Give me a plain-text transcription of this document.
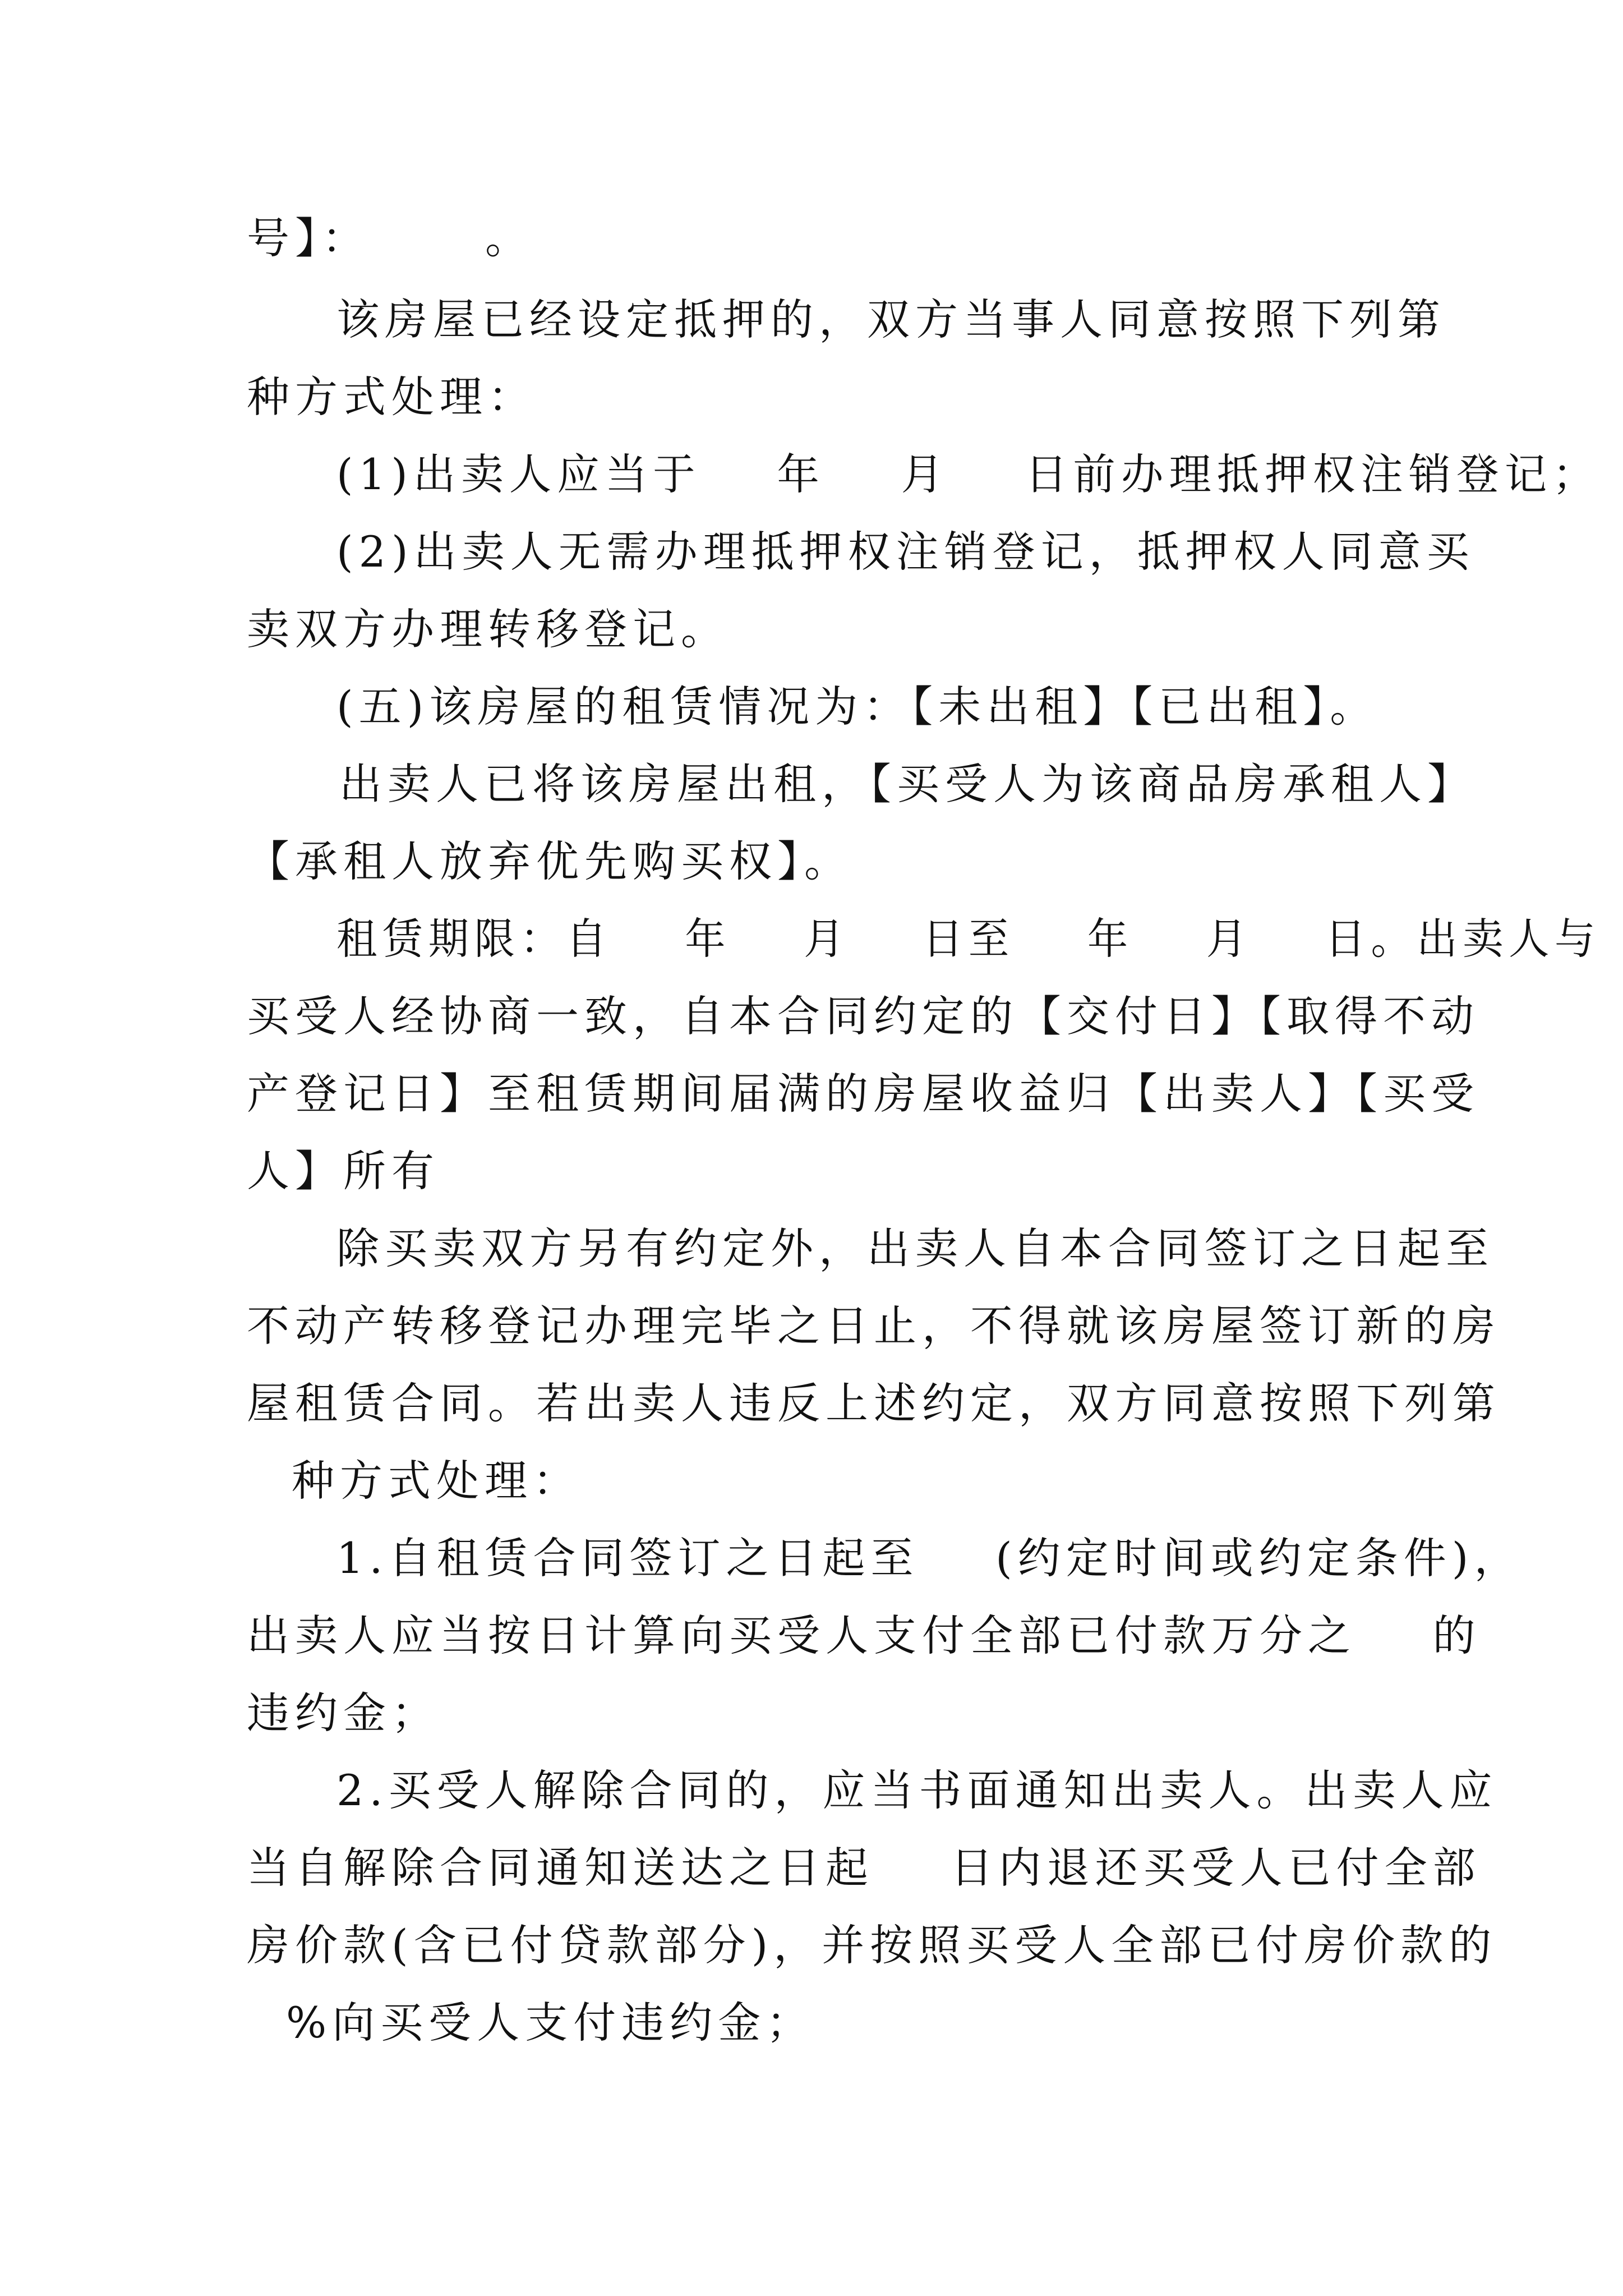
号】：      。

该房屋已经设定抵押的，双方当事人同意按照下列第

种方式处理：

(1)出卖人应当于    年    月    日前办理抵押权注销登记；

(2)出卖人无需办理抵押权注销登记，抵押权人同意买

卖双方办理转移登记。

(五)该房屋的租赁情况为：【未出租】【已出租】。

出卖人已将该房屋出租，【买受人为该商品房承租人】

【承租人放弃优先购买权】。

租赁期限：自    年    月    日至    年    月    日。出卖人与

买受人经协商一致，自本合同约定的【交付日】【取得不动

产登记日】至租赁期间届满的房屋收益归【出卖人】【买受

人】所有

除买卖双方另有约定外，出卖人自本合同签订之日起至

不动产转移登记办理完毕之日止，不得就该房屋签订新的房

屋租赁合同。若出卖人违反上述约定，双方同意按照下列第

种方式处理：

1.自租赁合同签订之日起至    (约定时间或约定条件)，

出卖人应当按日计算向买受人支付全部已付款万分之    的

违约金；

2.买受人解除合同的，应当书面通知出卖人。出卖人应

当自解除合同通知送达之日起    日内退还买受人已付全部

房价款(含已付贷款部分)，并按照买受人全部已付房价款的

%向买受人支付违约金；
